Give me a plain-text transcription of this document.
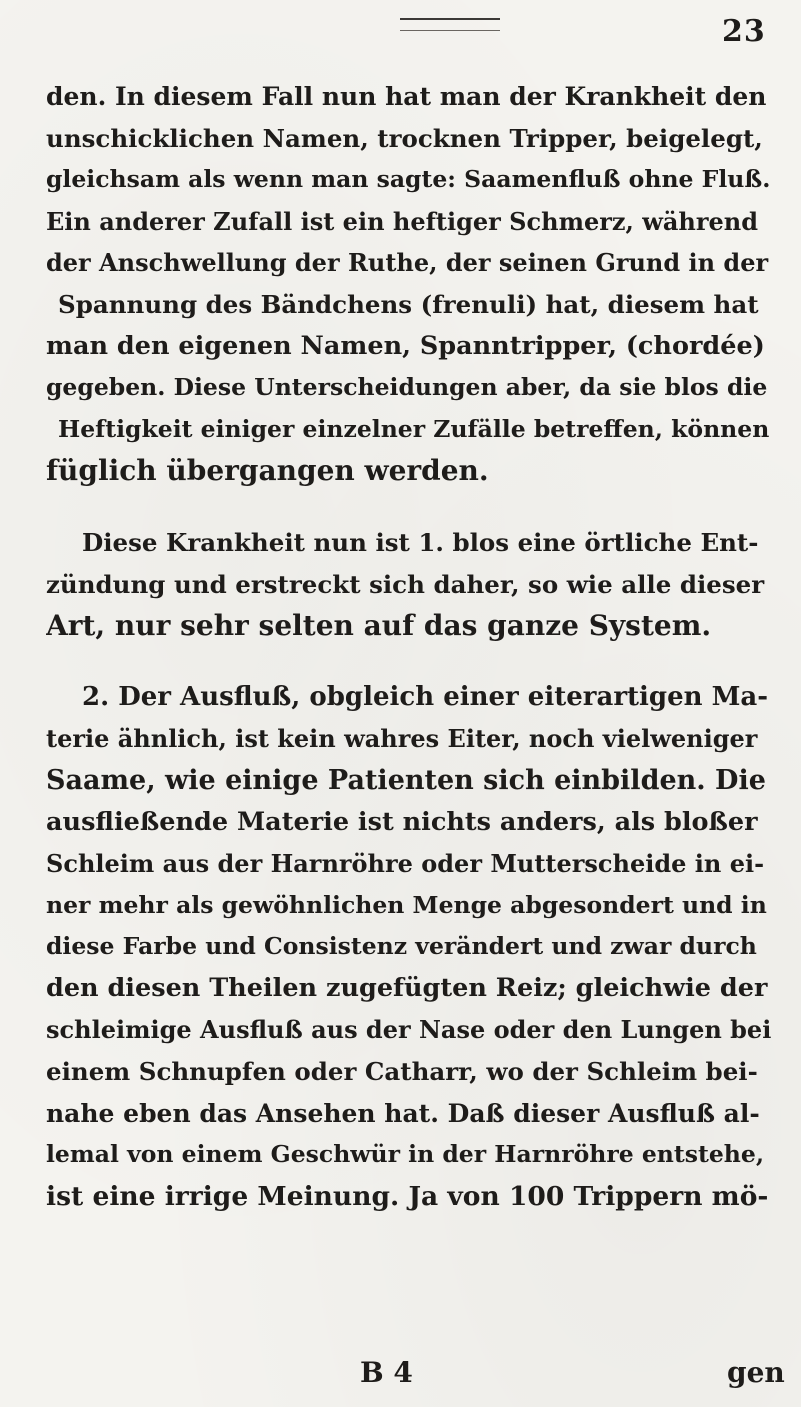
23
den. In diesem Fall nun hat man der Krankheit den
unschicklichen Namen, trocknen Tripper, beigelegt,
gleichsam als wenn man sagte: Saamenfluß ohne Fluß.
Ein anderer Zufall ist ein heftiger Schmerz, während
der Anschwellung der Ruthe, der seinen Grund in der
Spannung des Bändchens (frenuli) hat, diesem hat
man den eigenen Namen, Spanntripper, (chordée)
gegeben. Diese Unterscheidungen aber, da sie blos die
Heftigkeit einiger einzelner Zufälle betreffen, können
füglich übergangen werden.
Diese Krankheit nun ist 1. blos eine örtliche Ent-
zündung und erstreckt sich daher, so wie alle dieser
Art, nur sehr selten auf das ganze System.
2. Der Ausfluß, obgleich einer eiterartigen Ma-
terie ähnlich, ist kein wahres Eiter, noch vielweniger
Saame, wie einige Patienten sich einbilden. Die
ausfließende Materie ist nichts anders, als bloßer
Schleim aus der Harnröhre oder Mutterscheide in ei-
ner mehr als gewöhnlichen Menge abgesondert und in
diese Farbe und Consistenz verändert und zwar durch
den diesen Theilen zugefügten Reiz; gleichwie der
schleimige Ausfluß aus der Nase oder den Lungen bei
einem Schnupfen oder Catharr, wo der Schleim bei-
nahe eben das Ansehen hat. Daß dieser Ausfluß al-
lemal von einem Geschwür in der Harnröhre entstehe,
ist eine irrige Meinung. Ja von 100 Trippern mö-
B 4	gen
